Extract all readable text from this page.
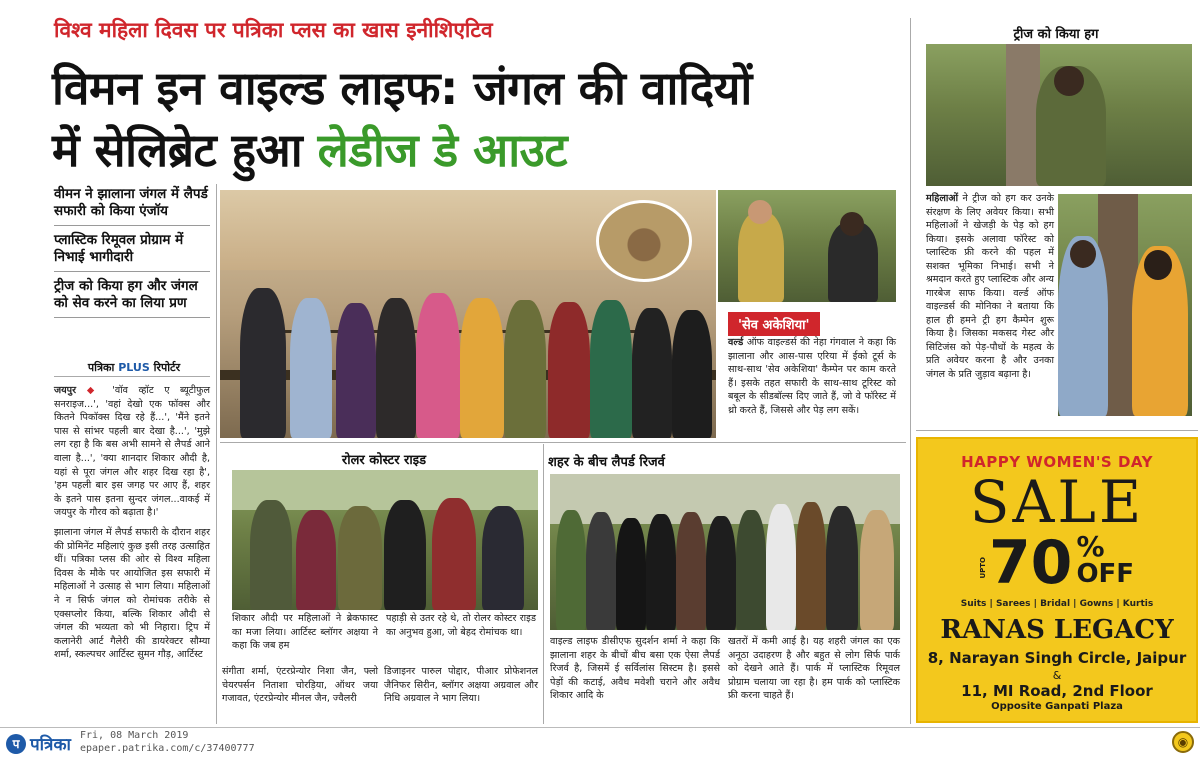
विश्व महिला दिवस पर पत्रिका प्लस का खास इनीशिएटिव
विमन इन वाइल्ड लाइफ: जंगल की वादियों
में सेलिब्रेट हुआ लेडीज डे आउट
वीमन ने झालाना जंगल में लैपर्ड सफारी को किया एंजॉय
प्लास्टिक रिमूवल प्रोग्राम में निभाई भागीदारी
ट्रीज को किया हग और जंगल को सेव करने का लिया प्रण
पत्रिका PLUS रिपोर्टर

जयपुर ◆ 'वॉव व्हॉट ए ब्यूटीफुल सनराइज...', 'वहां देखो एक फॉक्स और कितने पिकॉक्स दिख रहे हैं...', 'मैंने इतने पास से सांभर पहली बार देखा है...', 'मुझे लग रहा है कि बस अभी सामने से लैपर्ड आने वाला है...', 'क्या शानदार शिकार औदी है, यहां से पूरा जंगल और शहर दिख रहा है', 'हम पहली बार इस जगह पर आए हैं, शहर के इतने पास इतना सुन्दर जंगल...वाकई में जयपुर के गौरव को बढ़ाता है।'

झालाना जंगल में लैपर्ड सफारी के दौरान शहर की प्रोमिनेंट महिलाएं कुछ इसी तरह उत्साहित थीं। पत्रिका प्लस की ओर से विश्व महिला दिवस के मौके पर आयोजित इस सफारी में महिलाओं ने उत्साह से भाग लिया। महिलाओं ने न सिर्फ जंगल को रोमांचक तरीके से एक्सप्लोर किया, बल्कि शिकार औदी से जंगल की भव्यता को भी निहारा। ट्रिप में कलानेरी आर्ट गैलेरी की डायरेक्टर सौम्या शर्मा, स्कल्पचर आर्टिस्ट सुमन गौड़, आर्टिस्ट

'सेव अकेशिया'
वर्ल्ड ऑफ वाइल्डर्स की नेहा गंगवाल ने कहा कि झालाना और आस-पास एरिया में ईको टूर्स के साथ-साथ 'सेव अकेशिया' कैम्पेन पर काम करते हैं। इसके तहत सफारी के साथ-साथ टूरिस्ट को बबूल के सीडबॉल्स दिए जाते हैं, जो वे फॉरेस्ट में थ्रो करते हैं, जिससे और पेड़ लग सकें।
रोलर कोस्टर राइड
शिकार औदी पर महिलाओं ने ब्रेकफास्ट का मजा लिया। आर्टिस्ट ब्लॉगर अक्षया ने कहा कि जब हम
पहाड़ी से उतर रहे थे, तो रोलर कोस्टर राइड का अनुभव हुआ, जो बेहद रोमांचक था।
संगीता शर्मा, एंटरप्रेन्योर निशा जैन, फ्लो चेयरपर्सन निताशा चोरड़िया, ऑथर जया गजावत, एंटरप्रेन्योर मीनल जैन, ज्वैलरी
डिजाइनर पारुल पोद्दार, पीआर प्रोफेशनल जैनिफर सिरीन, ब्लॉगर अक्षया अग्रवाल और निधि अग्रवाल ने भाग लिया।
शहर के बीच लैपर्ड रिजर्व
वाइल्ड लाइफ डीसीएफ सुदर्शन शर्मा ने कहा कि झालाना शहर के बीचों बीच बसा एक ऐसा लैपर्ड रिजर्व है, जिसमें ई सर्विलांस सिस्टम है। इससे पेड़ों की कटाई, अवैध मवेशी चराने और अवैध शिकार आदि के
खतरों में कमी आई है। यह शहरी जंगल का एक अनूठा उदाहरण है और बहुत से लोग सिर्फ पार्क को देखने आते हैं। पार्क में प्लास्टिक रिमूवल प्रोग्राम चलाया जा रहा है। हम पार्क को प्लास्टिक फ्री करना चाहते हैं।
ट्रीज को किया हग
महिलाओं ने ट्रीज को हग कर उनके संरक्षण के लिए अवेयर किया। सभी महिलाओं ने खेजड़ी के पेड़ को हग किया। इसके अलावा फॉरेस्ट को प्लास्टिक फ्री करने की पहल में सशक्त भूमिका निभाई। सभी ने श्रमदान करते हुए प्लास्टिक और अन्य गारबेज साफ किया। वर्ल्ड ऑफ वाइल्डर्स की मोनिका ने बताया कि हाल ही हमने ट्री हग कैम्पेन शुरू किया है। जिसका मकसद गेस्ट और सिटिजंस को पेड़-पौधों के महत्व के प्रति अवेयर करना है और उनका जंगल के प्रति जुड़ाव बढ़ाना है।
HAPPY WOMEN'S DAY
SALE
UPTO 70 %
OFF
Suits | Sarees | Bridal | Gowns | Kurtis
RANAS LEGACY
8, Narayan Singh Circle, Jaipur
&
11, MI Road, 2nd Floor
Opposite Ganpati Plaza
प पत्रिका Fri, 08 March 2019
epaper.patrika.com/c/37400777	◉
